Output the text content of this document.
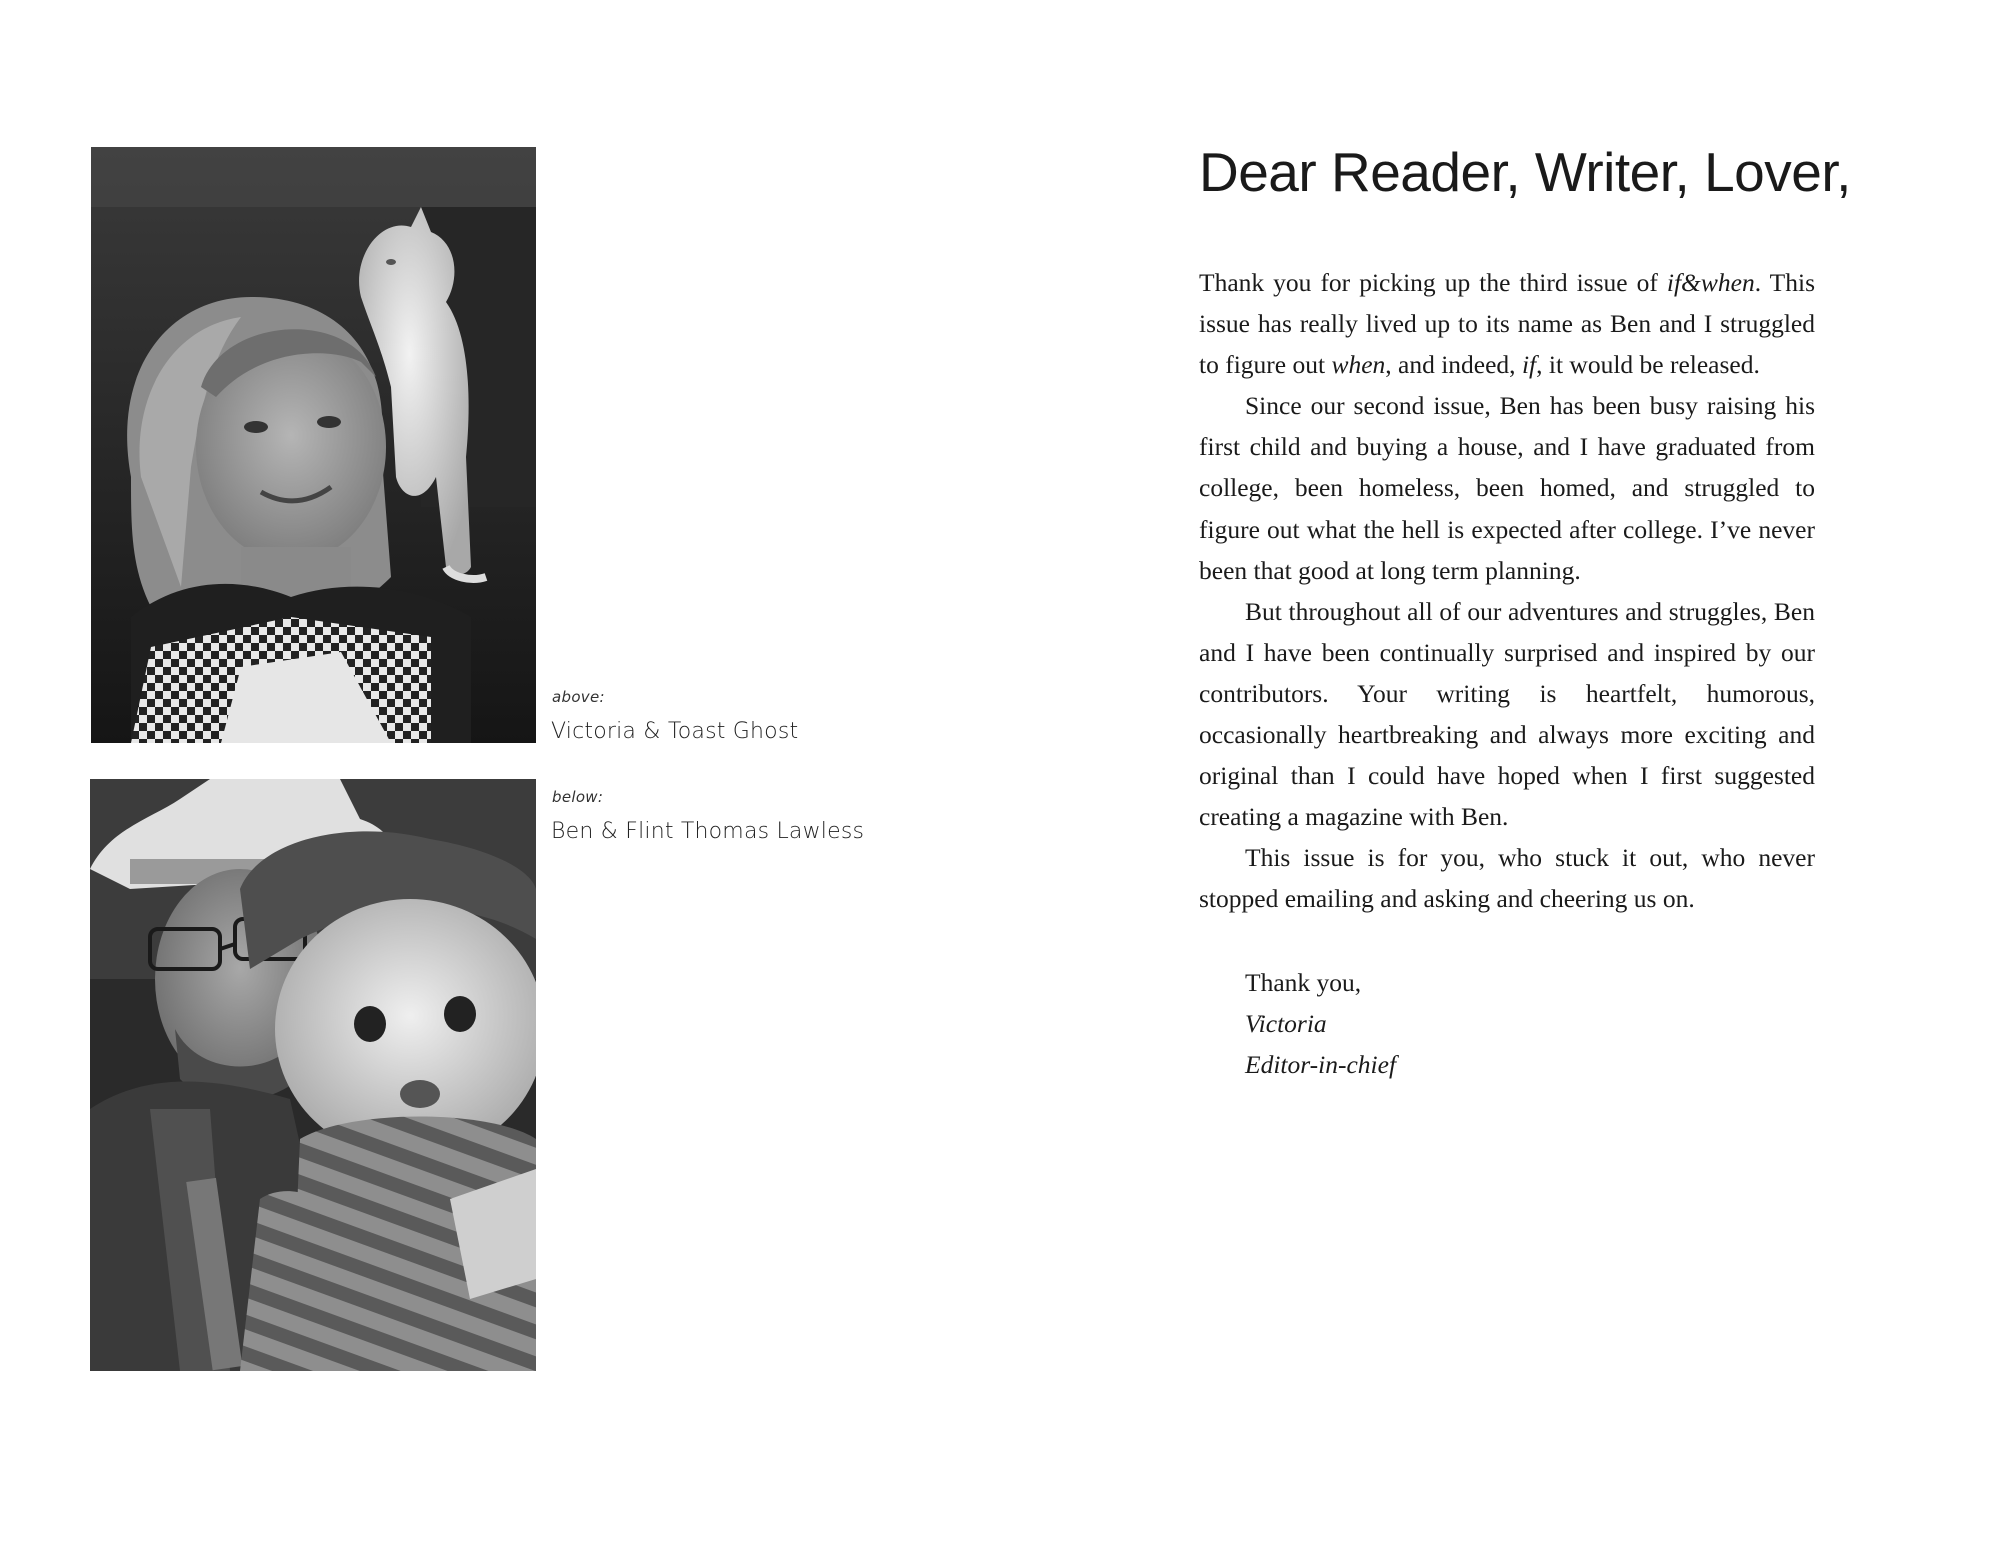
above:
Victoria & Toast Ghost
below:
Ben & Flint Thomas Lawless
Dear Reader, Writer, Lover,

Thank you for picking up the third issue of if&when. This issue has really lived up to its name as Ben and I struggled to figure out when, and indeed, if, it would be released.

Since our second issue, Ben has been busy raising his first child and buying a house, and I have graduated from college, been homeless, been homed, and struggled to figure out what the hell is expected after college. I’ve never been that good at long term planning.

But throughout all of our adventures and struggles, Ben and I have been continually surprised and inspired by our contributors. Your writing is heartfelt, humorous, occasionally heartbreaking and always more exciting and original than I could have hoped when I first suggested creating a magazine with Ben.

This issue is for you, who stuck it out, who never stopped emailing and asking and cheering us on.

Thank you,
Victoria
Editor-in-chief
